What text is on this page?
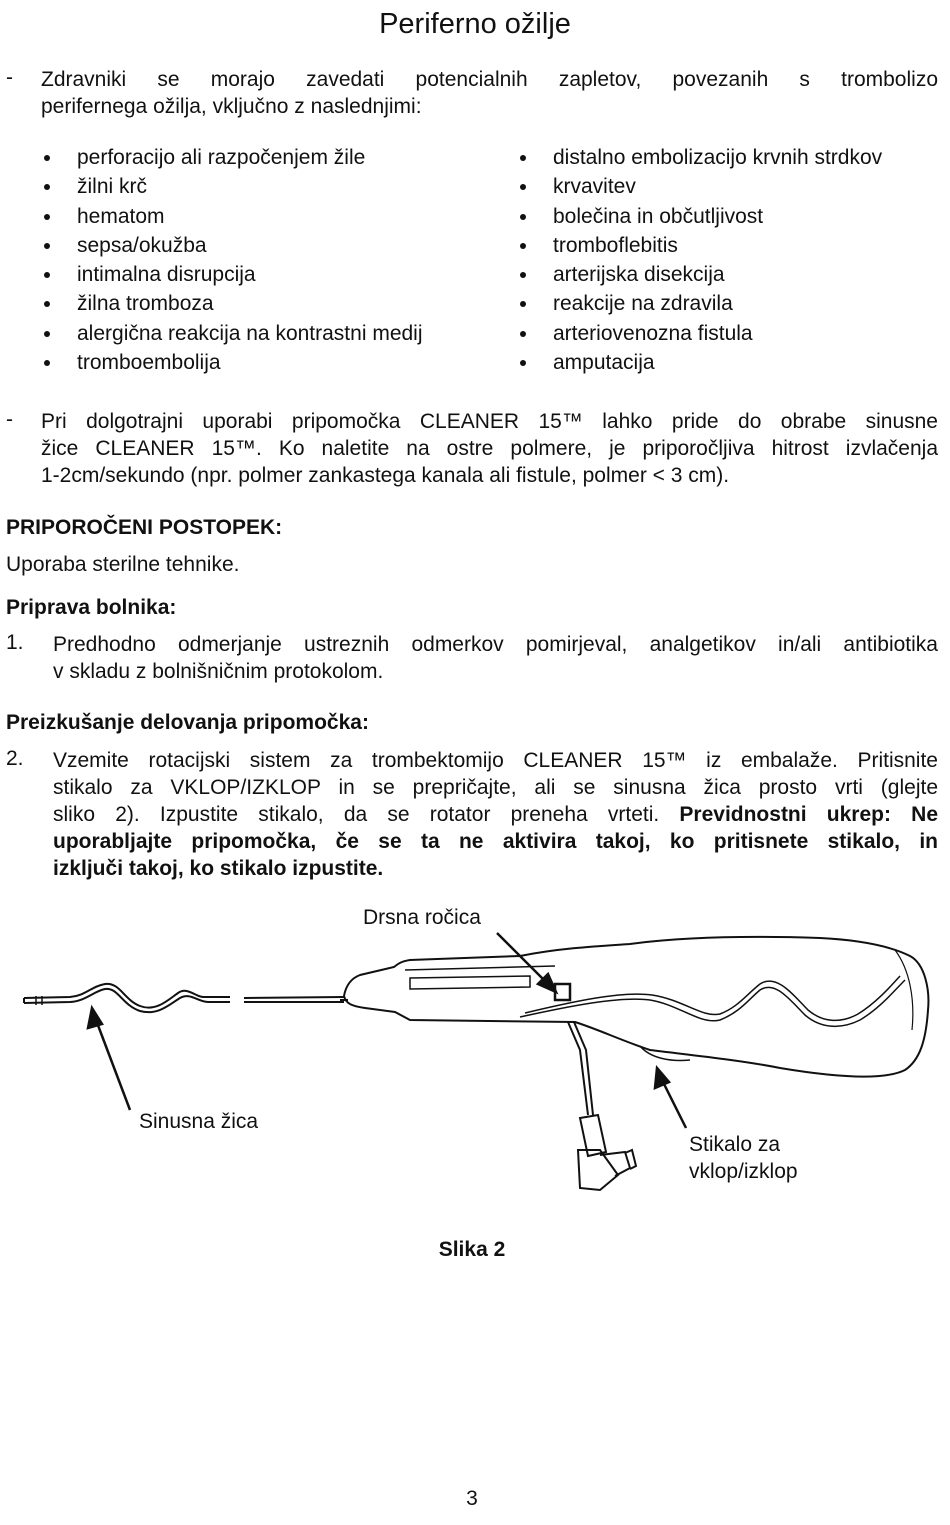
Periferno ožilje
- Zdravniki se morajo zavedati potencialnih zapletov, povezanih s trombolizo
perifernega ožilja, vključno z naslednjimi:
perforacijo ali razpočenjem žile
žilni krč
hematom
sepsa/okužba
intimalna disrupcija
žilna tromboza
alergična reakcija na kontrastni medij
tromboembolija
distalno embolizacijo krvnih strdkov
krvavitev
bolečina in občutljivost
tromboflebitis
arterijska disekcija
reakcije na zdravila
arteriovenozna fistula
amputacija
- Pri dolgotrajni uporabi pripomočka CLEANER 15™ lahko pride do obrabe sinusne
žice CLEANER 15™. Ko naletite na ostre polmere, je priporočljiva hitrost izvlačenja
1-2cm/sekundo (npr. polmer zankastega kanala ali fistule, polmer < 3 cm).
PRIPOROČENI POSTOPEK:
Uporaba sterilne tehnike.
Priprava bolnika:
1. Predhodno odmerjanje ustreznih odmerkov pomirjeval, analgetikov in/ali antibiotika
v skladu z bolnišničnim protokolom.
Preizkušanje delovanja pripomočka:
2. Vzemite rotacijski sistem za trombektomijo CLEANER 15™ iz embalaže. Pritisnite
stikalo za VKLOP/IZKLOP in se prepričajte, ali se sinusna žica prosto vrti (glejte
sliko 2). Izpustite stikalo, da se rotator preneha vrteti. Previdnostni ukrep: Ne
uporabljajte pripomočka, če se ta ne aktivira takoj, ko pritisnete stikalo, in
izključi takoj, ko stikalo izpustite.
Drsna ročica
Sinusna žica
Stikalo za
vklop/izklop
Slika 2
3
